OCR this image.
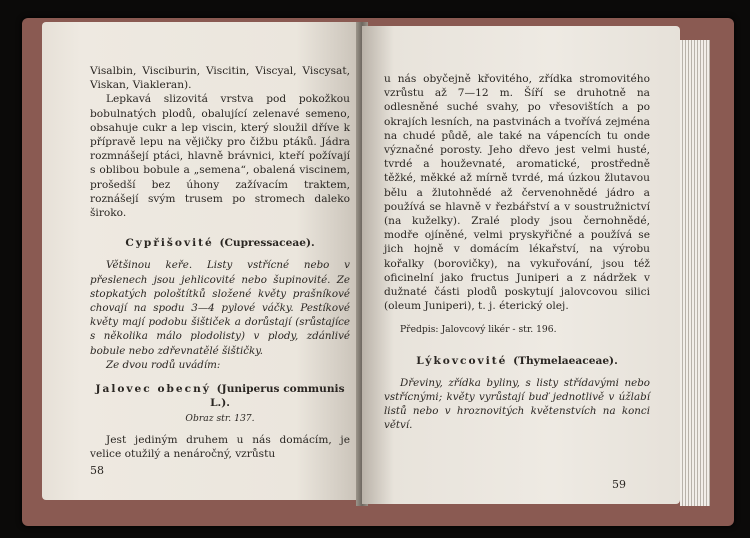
Visalbin, Visciburin, Viscitin, Viscyal, Viscysat, Viskan, Viakleran).

Lepkavá slizovitá vrstva pod pokožkou bobulnatých plodů, obalující zelenavé semeno, obsahuje cukr a lep viscin, který sloužil dříve k přípravě lepu na věj​ičky pro čižbu ptáků. Jádra rozmnášejí ptáci, hlavně brávnici, kteří požívají s oblibou bobule a „semena“, obalená viscinem, prošedší bez úhony zažívacím traktem, roznášejí svým trusem po stromech daleko široko.

Cypřišovité (Cupressaceae).

Většinou keře. Listy vstřícné nebo v přeslenech jsou jehlicovité nebo šupinovité. Ze stopkatých pološtítků složené květy prašníkové chovají na spodu 3—4 pylové váčky. Pestíkové květy mají podobu šištiček a dorůstají (srůstajíce s několika málo plodolisty) v plody, zdánlivé bobule nebo zdřevnatělé šištičky.

Ze dvou rodů uvádím:

Jalovec obecný (Juniperus communis L.).

Obraz str. 137.

Jest jediným druhem u nás domácím, je velice otužilý a nenáročný, vzrůstu

58

u nás obyčejně křovitého, zřídka stromovitého vzrůstu až 7—12 m. Šíří se druhotně na odlesněné suché svahy, po vřesovištích a po okrajích lesních, na pastvinách a tvořívá zejména na chudé půdě, ale také na vápencích tu onde význačné porosty. Jeho dřevo jest velmi husté, tvrdé a houževnaté, aromatické, prostředně těžké, měkké až mírně tvrdé, má úzkou žlutavou bělu a žlutohnědé až červenohnědé jádro a používá se hlavně v řezbářství a v soustružnictví (na kuželky). Zralé plody jsou černohnědé, modře ojíněné, velmi pryskyřičné a používá se jich hojně v domácím lékařství, na výrobu kořalky (borovičky), na vykuřování, jsou též oficinelní jako fructus Juniperi a z nádržek v dužnaté části plodů poskytují jalovcovou silici (oleum Juniperi), t. j. éterický olej.

Předpis: Jalovcový likér - str. 196.

Lýkovcovité (Thymelaeaceae).

Dřeviny, zřídka byliny, s listy střídavými nebo vstřícnými; květy vyrůstají buď jednotlivě v úžlabí listů nebo v hroznovitých květenstvích na konci větví.

59
